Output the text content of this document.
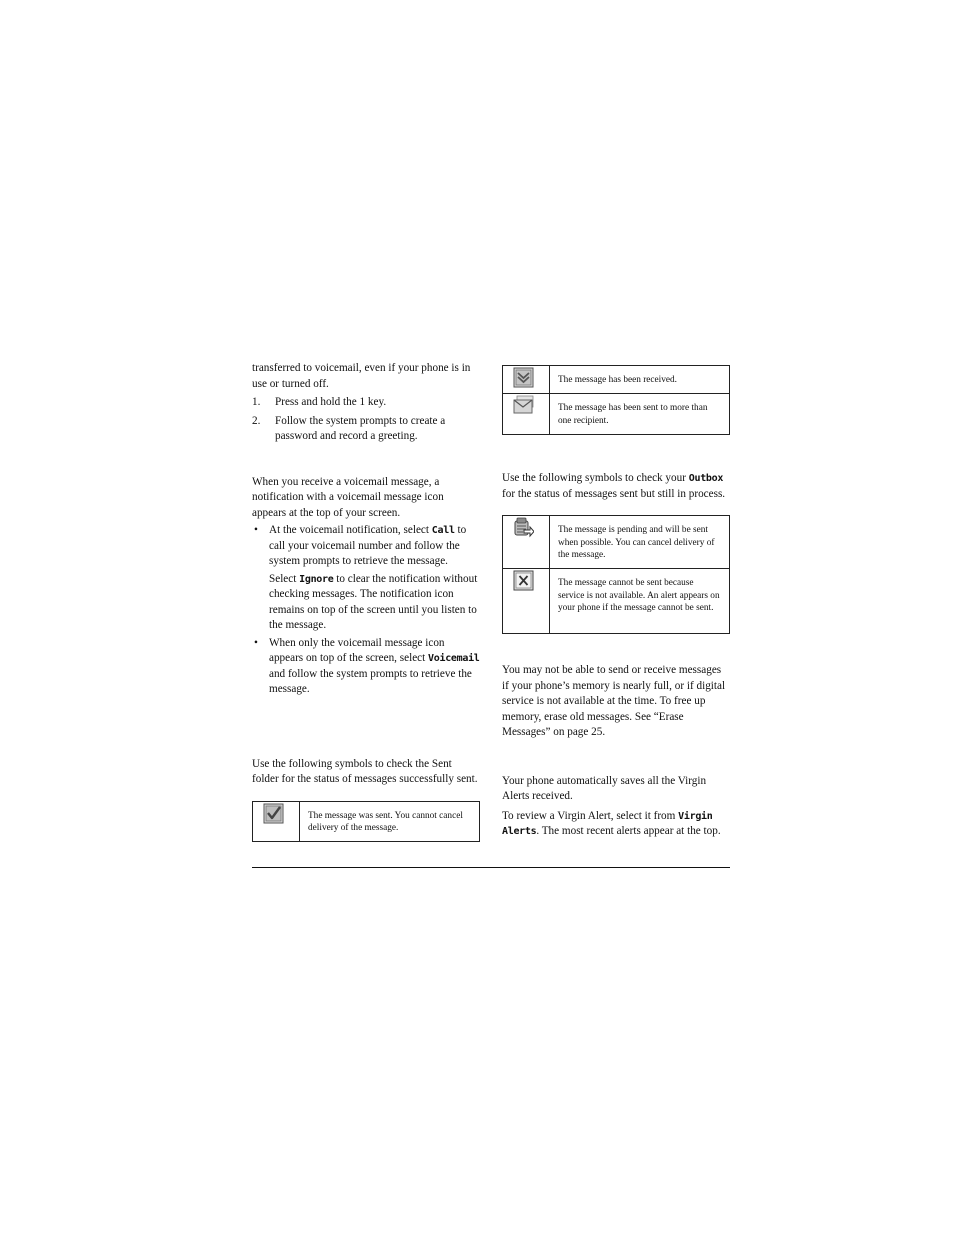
transferred to voicemail, even if your phone is in use or turned off.

1. Press and hold the 1 key.
2. Follow the system prompts to create a password and record a greeting.

When you receive a voicemail message, a notification with a voicemail message icon appears at the top of your screen.

• At the voicemail notification, select Call to call your voicemail number and follow the system prompts to retrieve the message.

Select Ignore to clear the notification without checking messages. The notification icon remains on top of the screen until you listen to the message.

• When only the voicemail message icon appears on top of the screen, select Voicemail and follow the system prompts to retrieve the message.

Use the following symbols to check the Sent folder for the status of messages successfully sent.

	The message was sent. You cannot cancel delivery of the message.
	The message has been received.

	The message has been sent to more than one recipient.

Use the following symbols to check your Outbox for the status of messages sent but still in process.

	The message is pending and will be sent when possible. You can cancel delivery of the message.

	The message cannot be sent because service is not available. An alert appears on your phone if the message cannot be sent.

You may not be able to send or receive messages if your phone’s memory is nearly full, or if digital service is not available at the time. To free up memory, erase old messages. See “Erase Messages” on page 25.

Your phone automatically saves all the Virgin Alerts received.

To review a Virgin Alert, select it from Virgin Alerts. The most recent alerts appear at the top.
